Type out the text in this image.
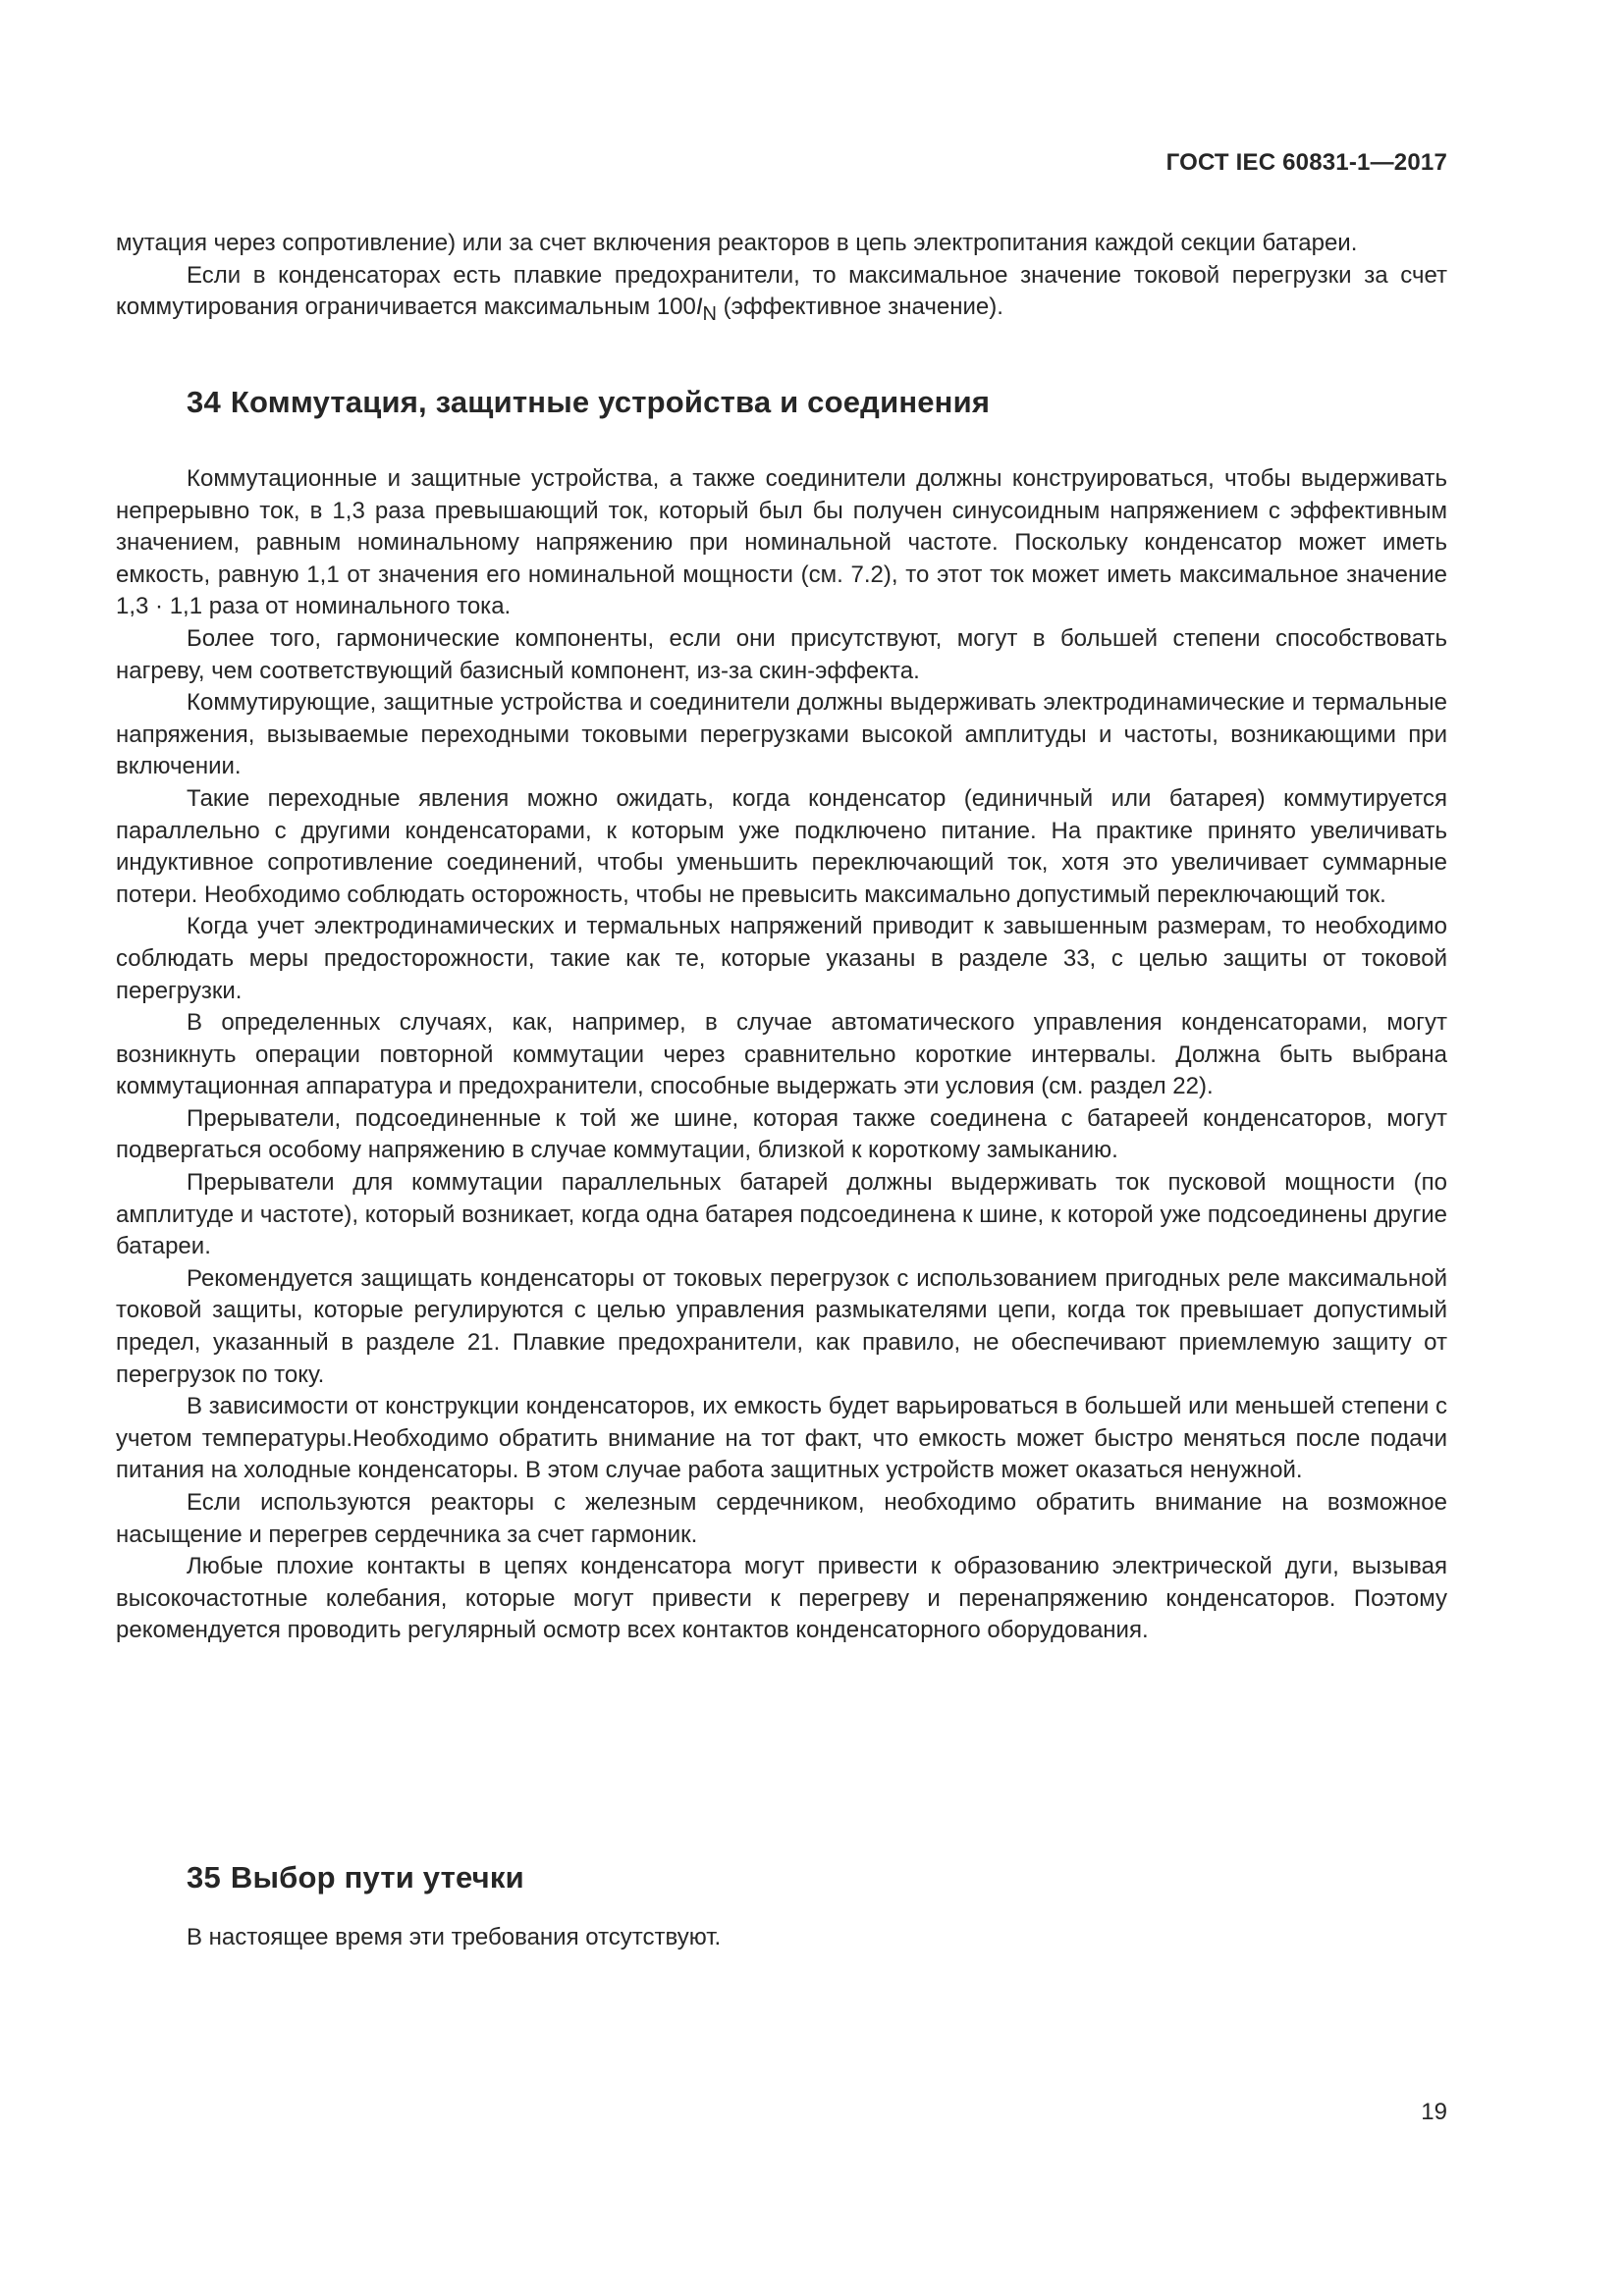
ГОСТ IEC 60831-1—2017

мутация через сопротивление) или за счет включения реакторов в цепь электропитания каждой секции батареи.

Если в конденсаторах есть плавкие предохранители, то максимальное значение токовой перегрузки за счет коммутирования ограничивается максимальным $100I_N$ (эффективное значение).

34 Коммутация, защитные устройства и соединения

Коммутационные и защитные устройства, а также соединители должны конструироваться, чтобы выдерживать непрерывно ток, в 1,3 раза превышающий ток, который был бы получен синусоидным напряжением с эффективным значением, равным номинальному напряжению при номинальной частоте. Поскольку конденсатор может иметь емкость, равную 1,1 от значения его номинальной мощности (см. 7.2), то этот ток может иметь максимальное значение 1,3 · 1,1 раза от номинального тока.

Более того, гармонические компоненты, если они присутствуют, могут в большей степени способствовать нагреву, чем соответствующий базисный компонент, из-за скин-эффекта.

Коммутирующие, защитные устройства и соединители должны выдерживать электродинамические и термальные напряжения, вызываемые переходными токовыми перегрузками высокой амплитуды и частоты, возникающими при включении.

Такие переходные явления можно ожидать, когда конденсатор (единичный или батарея) коммутируется параллельно с другими конденсаторами, к которым уже подключено питание. На практике принято увеличивать индуктивное сопротивление соединений, чтобы уменьшить переключающий ток, хотя это увеличивает суммарные потери. Необходимо соблюдать осторожность, чтобы не превысить максимально допустимый переключающий ток.

Когда учет электродинамических и термальных напряжений приводит к завышенным размерам, то необходимо соблюдать меры предосторожности, такие как те, которые указаны в разделе 33, с целью защиты от токовой перегрузки.

В определенных случаях, как, например, в случае автоматического управления конденсаторами, могут возникнуть операции повторной коммутации через сравнительно короткие интервалы. Должна быть выбрана коммутационная аппаратура и предохранители, способные выдержать эти условия (см. раздел 22).

Прерыватели, подсоединенные к той же шине, которая также соединена с батареей конденсаторов, могут подвергаться особому напряжению в случае коммутации, близкой к короткому замыканию.

Прерыватели для коммутации параллельных батарей должны выдерживать ток пусковой мощности (по амплитуде и частоте), который возникает, когда одна батарея подсоединена к шине, к которой уже подсоединены другие батареи.

Рекомендуется защищать конденсаторы от токовых перегрузок с использованием пригодных реле максимальной токовой защиты, которые регулируются с целью управления размыкателями цепи, когда ток превышает допустимый предел, указанный в разделе 21. Плавкие предохранители, как правило, не обеспечивают приемлемую защиту от перегрузок по току.

В зависимости от конструкции конденсаторов, их емкость будет варьироваться в большей или меньшей степени с учетом температуры.Необходимо обратить внимание на тот факт, что емкость может быстро меняться после подачи питания на холодные конденсаторы. В этом случае работа защитных устройств может оказаться ненужной.

Если используются реакторы с железным сердечником, необходимо обратить внимание на возможное насыщение и перегрев сердечника за счет гармоник.

Любые плохие контакты в цепях конденсатора могут привести к образованию электрической дуги, вызывая высокочастотные колебания, которые могут привести к перегреву и перенапряжению конденсаторов. Поэтому рекомендуется проводить регулярный осмотр всех контактов конденсаторного оборудования.

35 Выбор пути утечки

В настоящее время эти требования отсутствуют.

19
